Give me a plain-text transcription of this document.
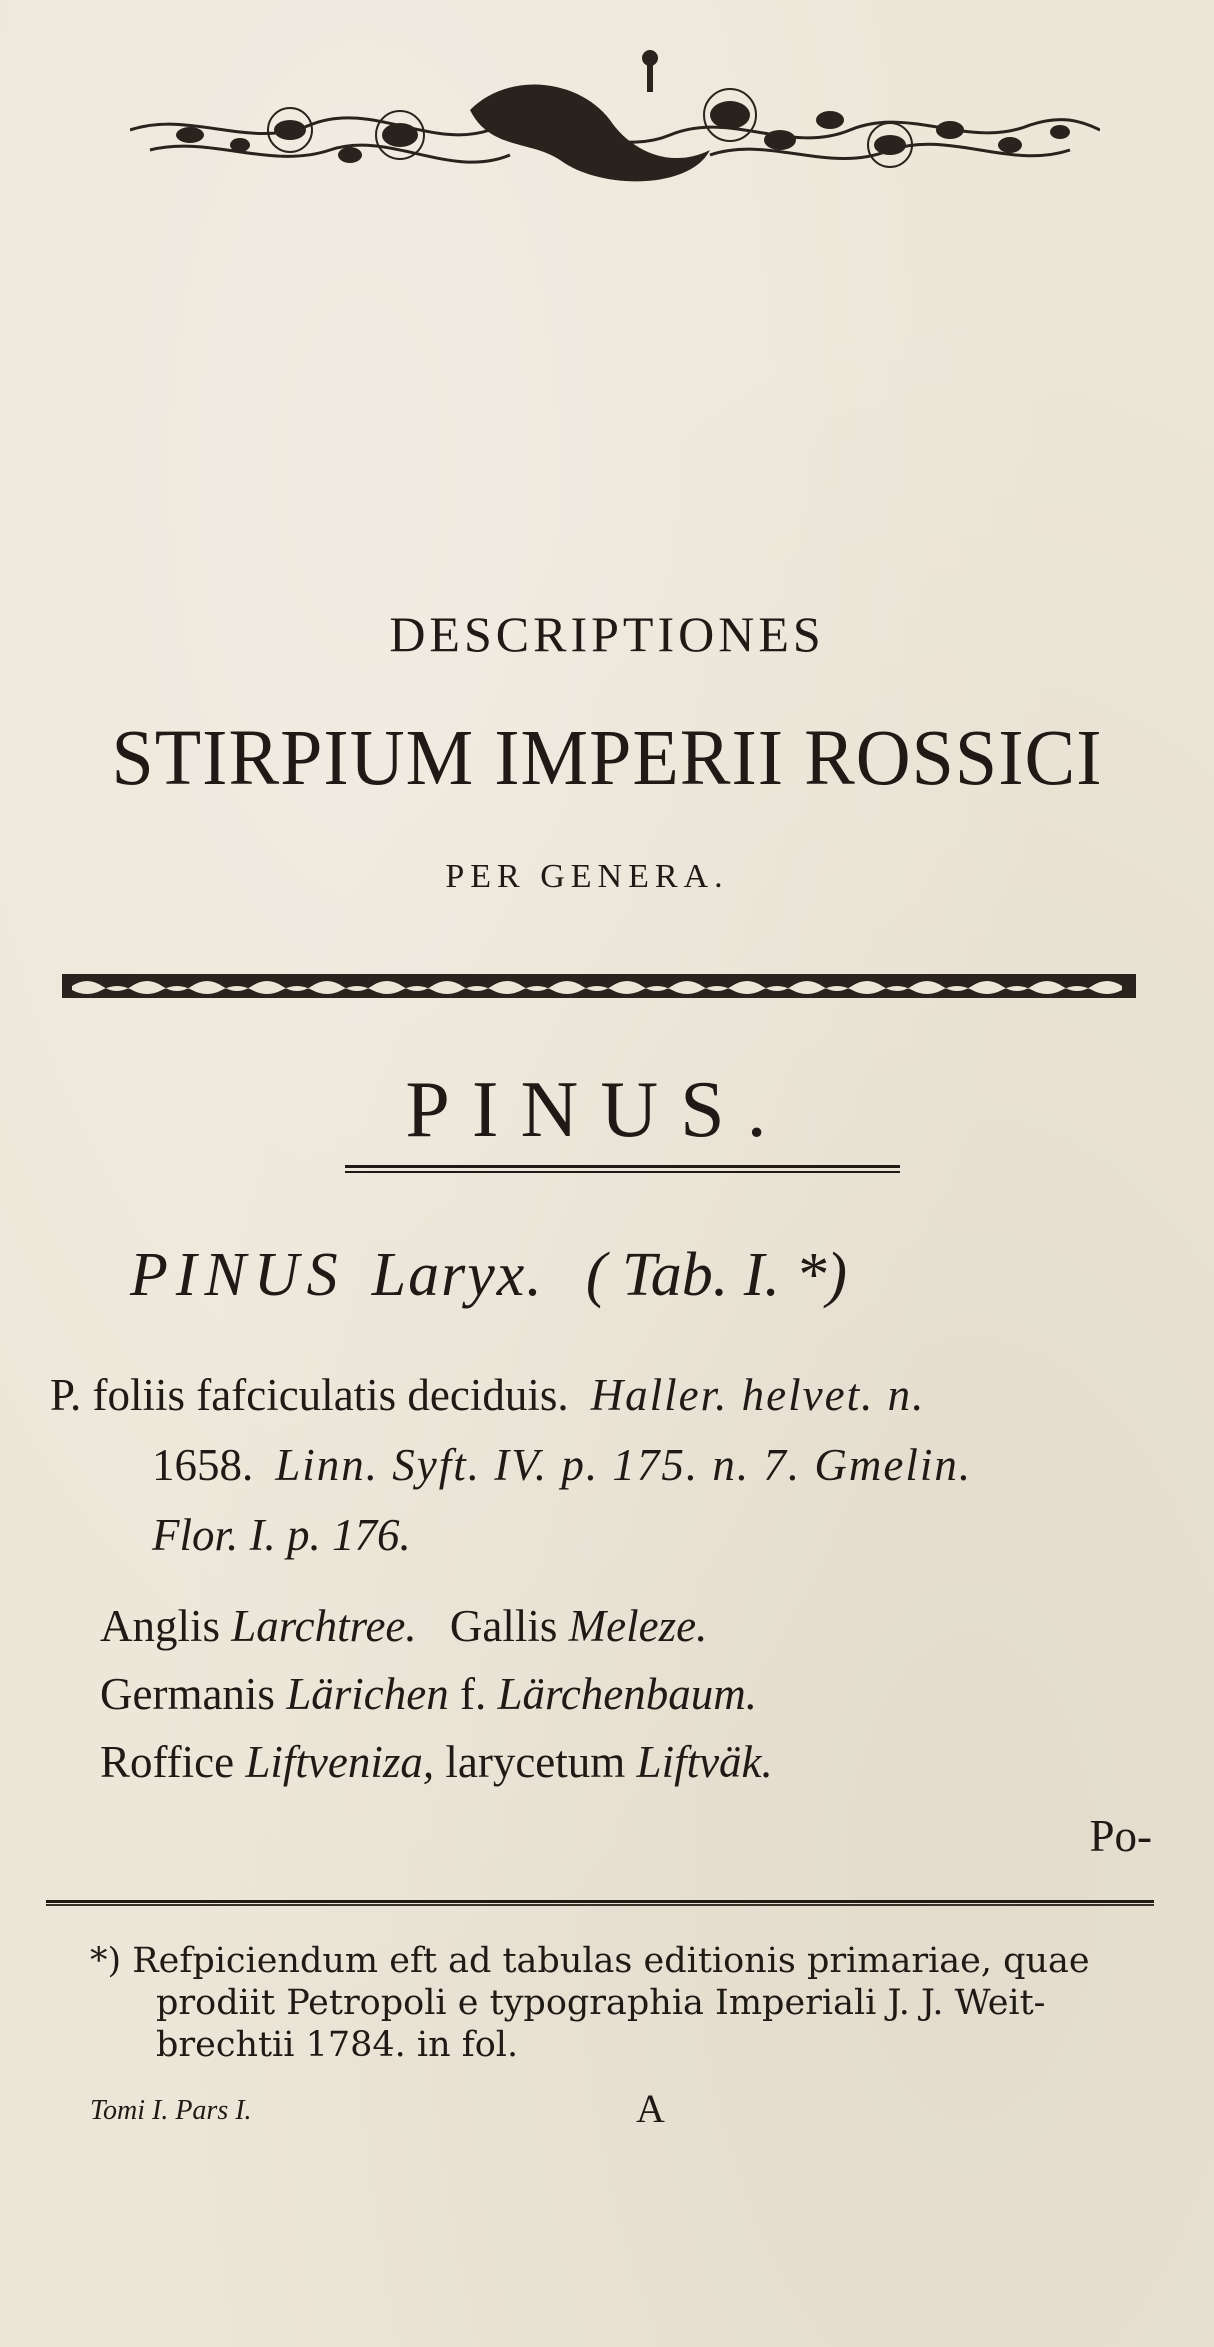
DESCRIPTIONES
STIRPIUM IMPERII ROSSICI
PER GENERA.
PINUS.
PINUS Laryx. ( Tab. I. *)
P. foliis fafciculatis deciduis. Haller. helvet. n.
1658. Linn. Syft. IV. p. 175. n. 7. Gmelin.
Flor. I. p. 176.
Anglis Larchtree. Gallis Meleze.
Germanis Lärichen f. Lärchenbaum.
Roffice Liftveniza, larycetum Liftväk.
Po-
*) Refpiciendum eft ad tabulas editionis primariae, quae
prodiit Petropoli e typographia Imperiali J. J. Weit-
brechtii 1784. in fol.
Tomi I. Pars I.	A
